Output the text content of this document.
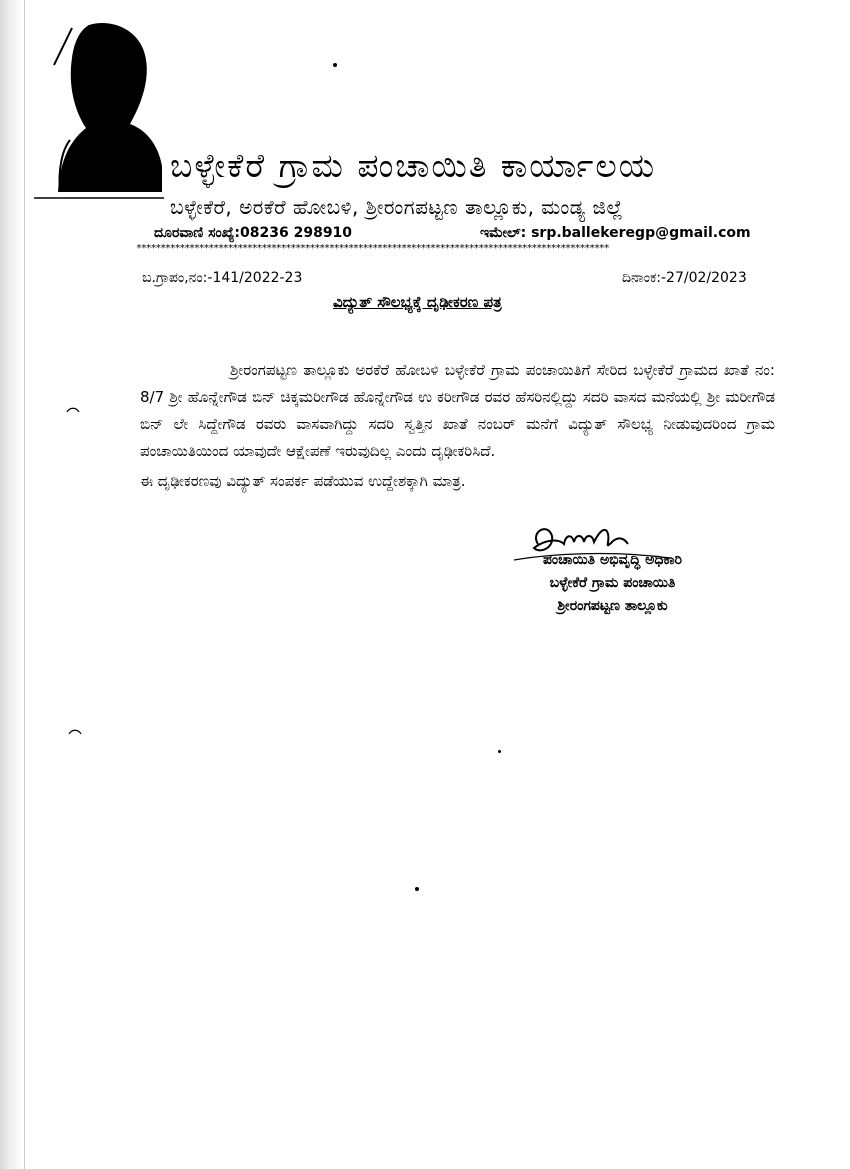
ಬಳ್ಳೇಕೆರೆ ಗ್ರಾಮ ಪಂಚಾಯಿತಿ ಕಾರ್ಯಾಲಯ
ಬಳ್ಳೇಕೆರೆ, ಅರಕೆರೆ ಹೋಬಳಿ, ಶ್ರೀರಂಗಪಟ್ಟಣ ತಾಲ್ಲೂಕು, ಮಂಡ್ಯ ಜಿಲ್ಲೆ
ದೂರವಾಣಿ ಸಂಖ್ಯೆ:08236 298910	ಇಮೇಲ್: srp.ballekeregp@gmail.com
**************************************************************************************************
ಬ.ಗ್ರಾಪಂ,ನಂ:-141/2022-23	ದಿನಾಂಕ:-27/02/2023
ವಿದ್ಯುತ್ ಸೌಲಭ್ಯಕ್ಕೆ ದೃಢೀಕರಣ ಪತ್ರ

ಶ್ರೀರಂಗಪಟ್ಟಣ ತಾಲ್ಲೂಕು ಅರಕೆರೆ ಹೋಬಳಿ ಬಳ್ಳೇಕೆರೆ ಗ್ರಾಮ ಪಂಚಾಯಿತಿಗೆ ಸೇರಿದ ಬಳ್ಳೇಕೆರೆ ಗ್ರಾಮದ ಖಾತೆ ನಂ: 8/7 ಶ್ರೀ ಹೊನ್ನೇಗೌಡ ಬಿನ್ ಚಿಕ್ಕಮರೀಗೌಡ ಹೊನ್ನೇಗೌಡ ಉ ಕರೀಗೌಡ ರವರ ಹೆಸರಿನಲ್ಲಿದ್ದು ಸದರಿ ವಾಸದ ಮನೆಯಲ್ಲಿ ಶ್ರೀ ಮರೀಗೌಡ ಬಿನ್ ಲೇ ಸಿದ್ದೇಗೌಡ ರವರು ವಾಸವಾಗಿದ್ದು ಸದರಿ ಸ್ವತ್ತಿನ ಖಾತೆ ನಂಬರ್ ಮನೆಗೆ ವಿದ್ಯುತ್ ಸೌಲಭ್ಯ ನೀಡುವುದರಿಂದ ಗ್ರಾಮ ಪಂಚಾಯಿತಿಯಿಂದ ಯಾವುದೇ ಆಕ್ಷೇಪಣೆ ಇರುವುದಿಲ್ಲ ಎಂದು ದೃಢೀಕರಿಸಿದೆ.

ಈ ದೃಢೀಕರಣವು ವಿದ್ಯುತ್ ಸಂಪರ್ಕ ಪಡೆಯುವ ಉದ್ದೇಶಕ್ಕಾಗಿ ಮಾತ್ರ.
ಪಂಚಾಯಿತಿ ಅಭಿವೃದ್ಧಿ ಅಧಿಕಾರಿ
ಬಳ್ಳೇಕೆರೆ ಗ್ರಾಮ ಪಂಚಾಯಿತಿ
ಶ್ರೀರಂಗಪಟ್ಟಣ ತಾಲ್ಲೂಕು
